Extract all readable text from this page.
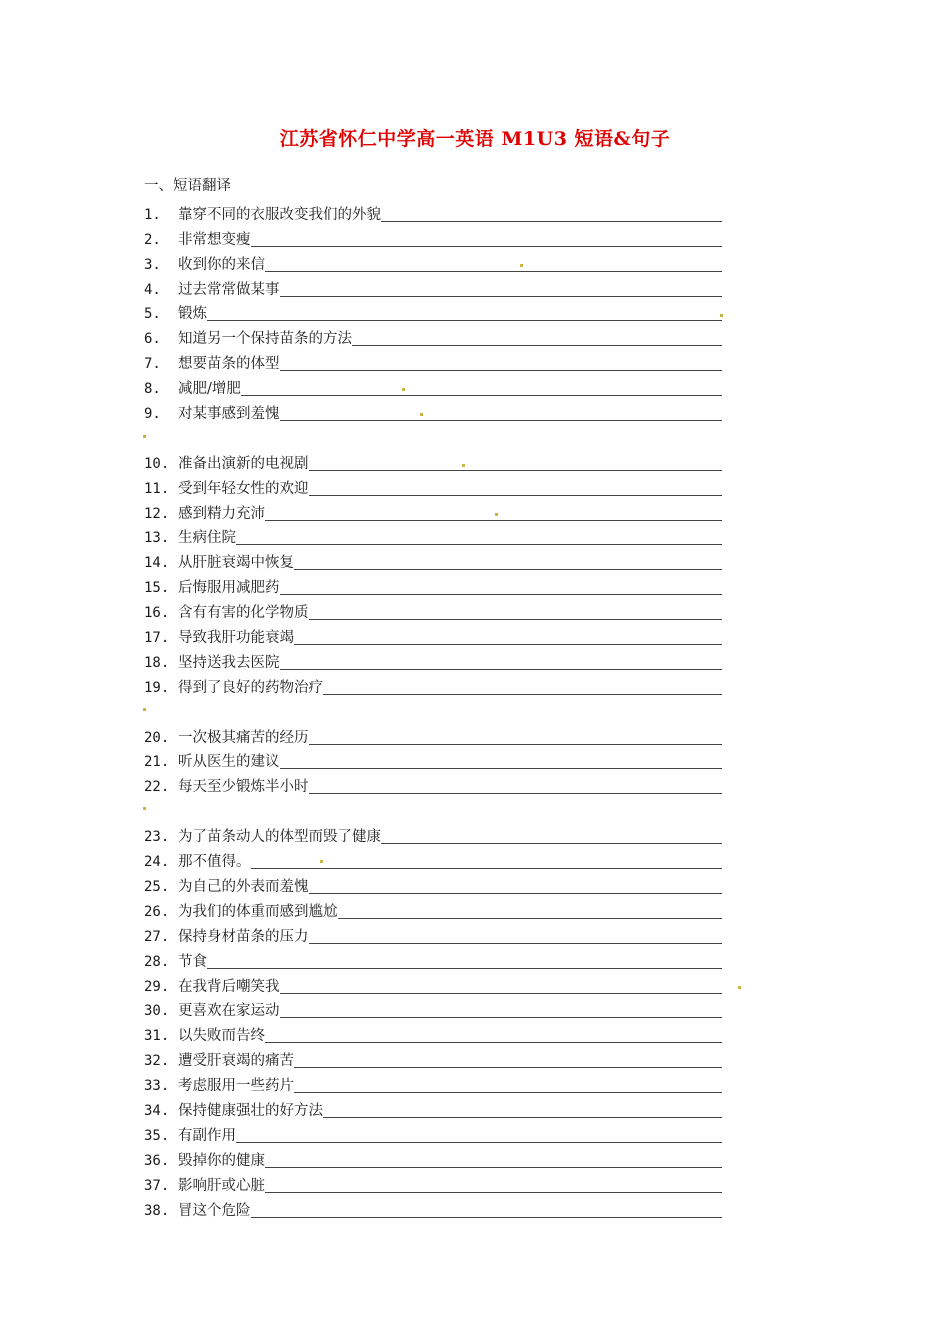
江苏省怀仁中学高一英语 M1U3 短语&句子
一、短语翻译
1.	靠穿不同的衣服改变我们的外貌
2.	非常想变瘦
3.	收到你的来信
4.	过去常常做某事
5.	锻炼
6.	知道另一个保持苗条的方法
7.	想要苗条的体型
8.	减肥/增肥
9.	对某事感到羞愧
10. 准备出演新的电视剧
11. 受到年轻女性的欢迎
12. 感到精力充沛
13. 生病住院
14. 从肝脏衰竭中恢复
15. 后悔服用减肥药
16. 含有有害的化学物质
17. 导致我肝功能衰竭
18. 坚持送我去医院
19. 得到了良好的药物治疗
20. 一次极其痛苦的经历
21. 听从医生的建议
22. 每天至少锻炼半小时
23. 为了苗条动人的体型而毁了健康
24. 那不值得。
25. 为自己的外表而羞愧
26. 为我们的体重而感到尴尬
27. 保持身材苗条的压力
28. 节食
29. 在我背后嘲笑我
30. 更喜欢在家运动
31. 以失败而告终
32. 遭受肝衰竭的痛苦
33. 考虑服用一些药片
34. 保持健康强壮的好方法
35. 有副作用
36. 毁掉你的健康
37. 影响肝或心脏
38. 冒这个危险
